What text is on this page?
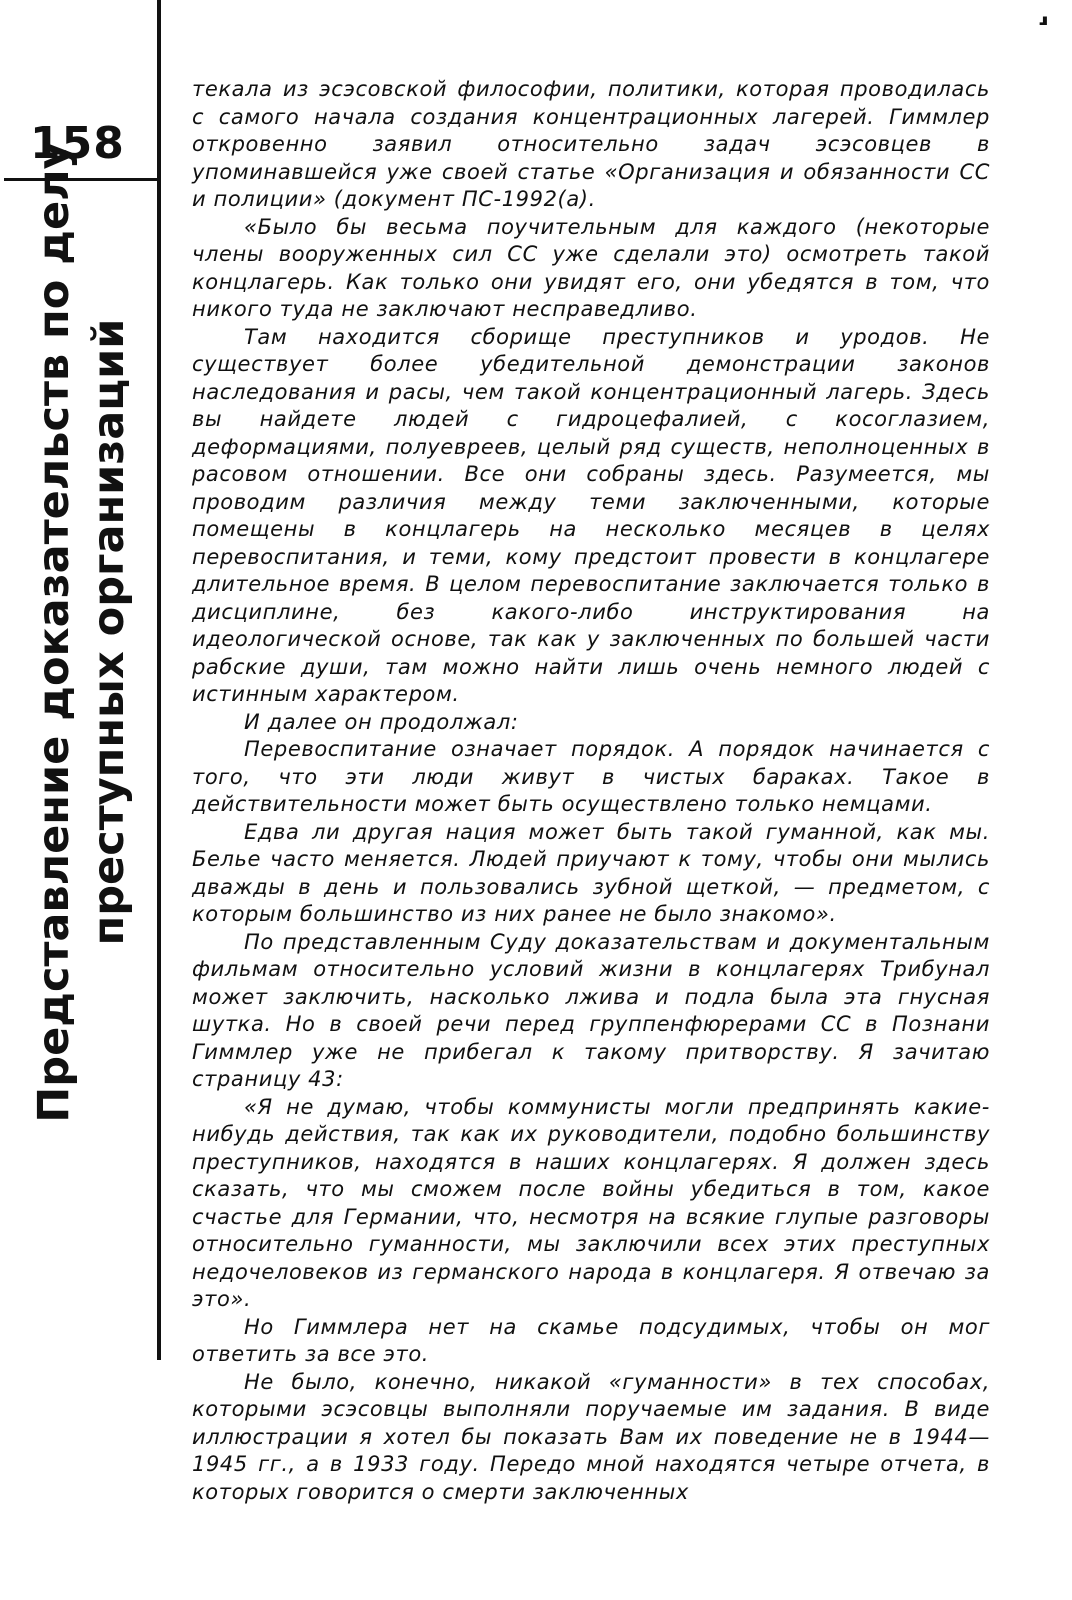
⸥
158
Представление доказательств по делу преступных организаций

текала из эсэсовской философии, политики, которая проводилась с самого начала создания концентрационных лагерей. Гиммлер откровенно заявил относительно задач эсэсовцев в упоминавшейся уже своей статье «Организация и обязанности СС и полиции» (документ ПС-1992(а).

«Было бы весьма поучительным для каждого (некоторые члены вооруженных сил СС уже сделали это) осмотреть такой концлагерь. Как только они увидят его, они убедятся в том, что никого туда не заключают несправедливо.

Там находится сборище преступников и уродов. Не существует более убедительной демонстрации законов наследования и расы, чем такой концентрационный лагерь. Здесь вы найдете людей с гидроцефалией, с косоглазием, деформациями, полуевреев, целый ряд существ, неполноценных в расовом отношении. Все они собраны здесь. Разумеется, мы проводим различия между теми заключенными, которые помещены в концлагерь на несколько месяцев в целях перевоспитания, и теми, кому предстоит провести в концлагере длительное время. В целом перевоспитание заключается только в дисциплине, без какого-либо инструктирования на идеологической основе, так как у заключенных по большей части рабские души, там можно найти лишь очень немного людей с истинным характером.

И далее он продолжал:

Перевоспитание означает порядок. А порядок начинается с того, что эти люди живут в чистых бараках. Такое в действительности может быть осуществлено только немцами.

Едва ли другая нация может быть такой гуманной, как мы. Белье часто меняется. Людей приучают к тому, чтобы они мылись дважды в день и пользовались зубной щеткой, — предметом, с которым большинство из них ранее не было знакомо».

По представленным Суду доказательствам и документальным фильмам относительно условий жизни в концлагерях Трибунал может заключить, насколько лжива и подла была эта гнусная шутка. Но в своей речи перед группенфюрерами СС в Познани Гиммлер уже не прибегал к такому притворству. Я зачитаю страницу 43:

«Я не думаю, чтобы коммунисты могли предпринять какие-нибудь действия, так как их руководители, подобно большинству преступников, находятся в наших концлагерях. Я должен здесь сказать, что мы сможем после войны убедиться в том, какое счастье для Германии, что, несмотря на всякие глупые разговоры относительно гуманности, мы заключили всех этих преступных недочеловеков из германского народа в концлагеря. Я отвечаю за это».

Но Гиммлера нет на скамье подсудимых, чтобы он мог ответить за все это.

Не было, конечно, никакой «гуманности» в тех способах, которыми эсэсовцы выполняли поручаемые им задания. В виде иллюстрации я хотел бы показать Вам их поведение не в 1944—1945 гг., а в 1933 году. Передо мной находятся четыре отчета, в которых говорится о смерти заключенных
